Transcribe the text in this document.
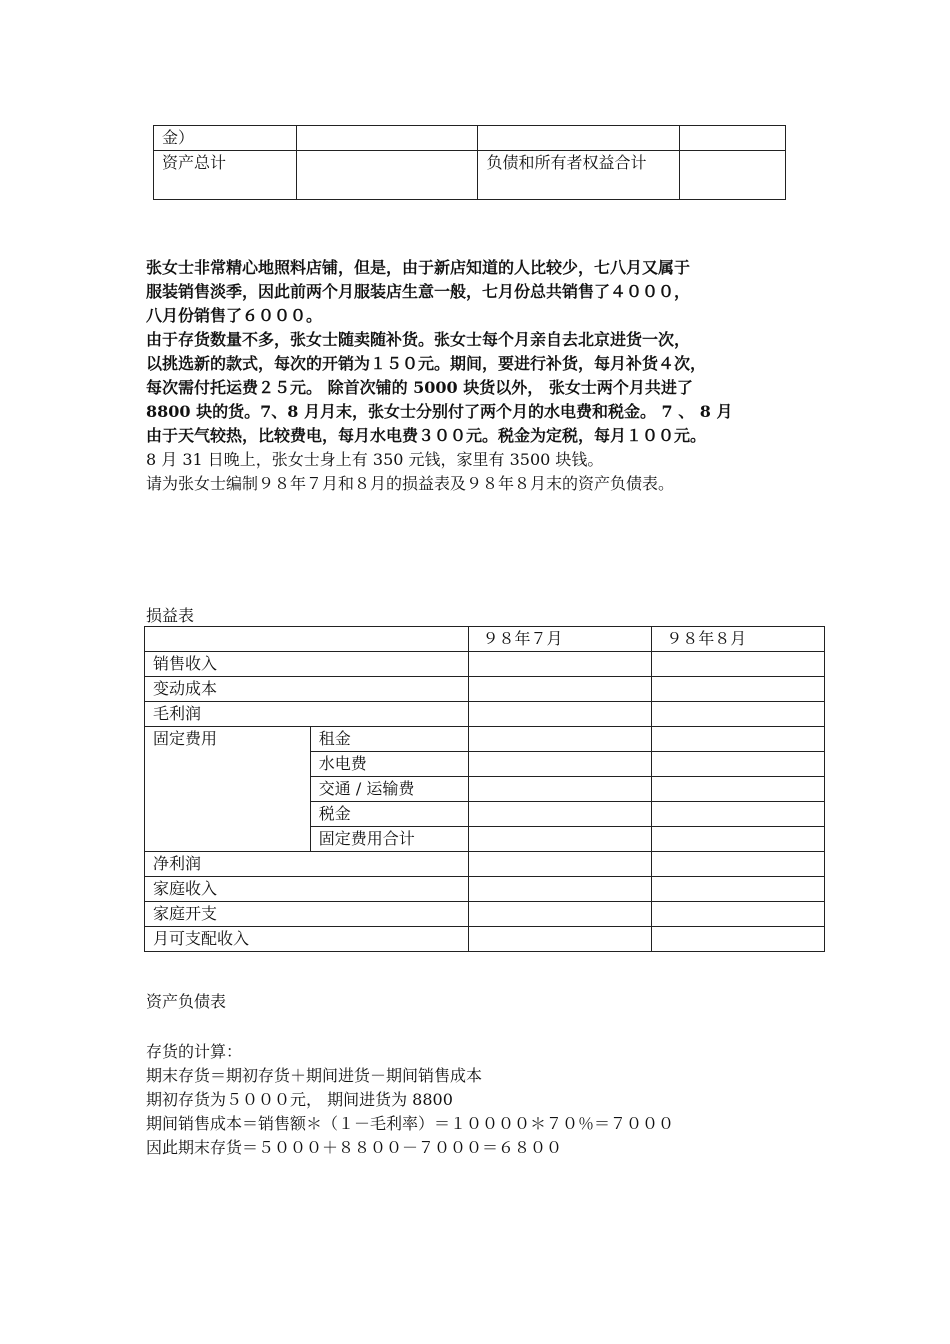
金）			
资产总计		负债和所有者权益合计	
张女士非常精心地照料店铺，但是，由于新店知道的人比较少，七八月又属于
服装销售淡季，因此前两个月服装店生意一般，七月份总共销售了４０００，
八月份销售了６０００。
由于存货数量不多，张女士随卖随补货。张女士每个月亲自去北京进货一次，
以挑选新的款式，每次的开销为１５０元。期间，要进行补货，每月补货４次，
每次需付托运费２５元。 除首次铺的 5000 块货以外， 张女士两个月共进了
8800 块的货。7、8 月月末，张女士分别付了两个月的水电费和税金。 7 、 8 月
由于天气较热，比较费电，每月水电费３００元。税金为定税，每月１００元。
8 月 31 日晚上，张女士身上有 350 元钱，家里有 3500 块钱。
请为张女士编制９８年７月和８月的损益表及９８年８月末的资产负债表。
损益表
		９８年７月	９８年８月
销售收入			
变动成本			
毛利润			
固定费用	租金		
	水电费		
	交通 / 运输费		
	税金		
	固定费用合计		
净利润			
家庭收入			
家庭开支			
月可支配收入			
资产负债表
存货的计算：
期末存货＝期初存货＋期间进货－期间销售成本
期初存货为５０００元， 期间进货为 8800
期间销售成本＝销售额＊（１－毛利率）＝１００００＊７０％＝７０００
因此期末存货＝５０００＋８８００－７０００＝６８００
